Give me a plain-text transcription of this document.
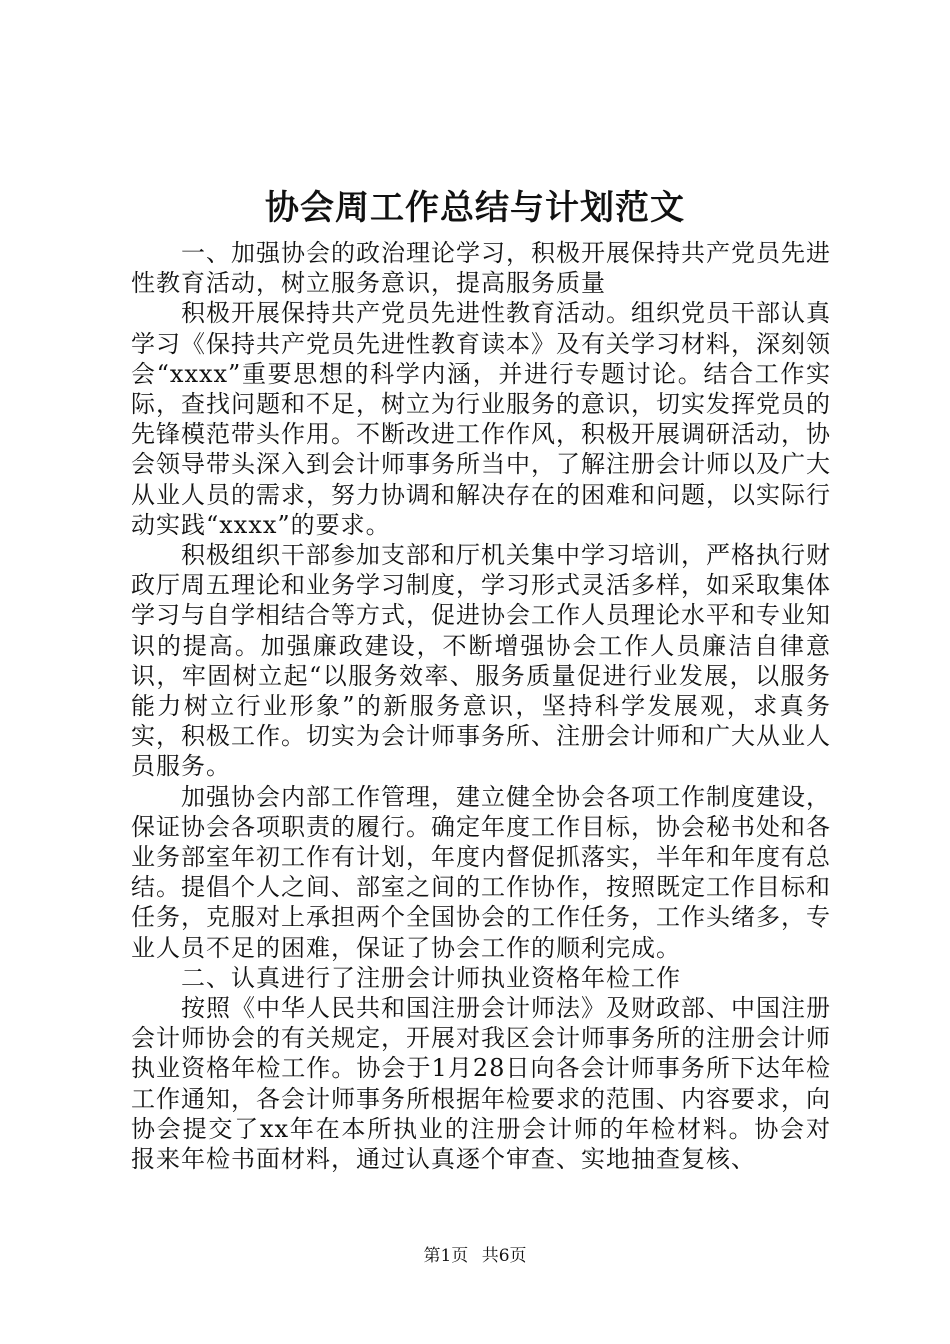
协会周工作总结与计划范文

一、加强协会的政治理论学习，积极开展保持共产党员先进性教育活动，树立服务意识，提高服务质量

积极开展保持共产党员先进性教育活动。组织党员干部认真学习《保持共产党员先进性教育读本》及有关学习材料，深刻领会“xxxx”重要思想的科学内涵，并进行专题讨论。结合工作实际，查找问题和不足，树立为行业服务的意识，切实发挥党员的先锋模范带头作用。不断改进工作作风，积极开展调研活动，协会领导带头深入到会计师事务所当中，了解注册会计师以及广大从业人员的需求，努力协调和解决存在的困难和问题，以实际行动实践“xxxx”的要求。

积极组织干部参加支部和厅机关集中学习培训，严格执行财政厅周五理论和业务学习制度，学习形式灵活多样，如采取集体学习与自学相结合等方式，促进协会工作人员理论水平和专业知识的提高。加强廉政建设，不断增强协会工作人员廉洁自律意识，牢固树立起“以服务效率、服务质量促进行业发展，以服务能力树立行业形象”的新服务意识，坚持科学发展观，求真务实，积极工作。切实为会计师事务所、注册会计师和广大从业人员服务。

加强协会内部工作管理，建立健全协会各项工作制度建设，保证协会各项职责的履行。确定年度工作目标，协会秘书处和各业务部室年初工作有计划，年度内督促抓落实，半年和年度有总结。提倡个人之间、部室之间的工作协作，按照既定工作目标和任务，克服对上承担两个全国协会的工作任务，工作头绪多，专业人员不足的困难，保证了协会工作的顺利完成。

二、认真进行了注册会计师执业资格年检工作

按照《中华人民共和国注册会计师法》及财政部、中国注册会计师协会的有关规定，开展对我区会计师事务所的注册会计师执业资格年检工作。协会于1月28日向各会计师事务所下达年检工作通知，各会计师事务所根据年检要求的范围、内容要求，向协会提交了xx年在本所执业的注册会计师的年检材料。协会对报来年检书面材料，通过认真逐个审查、实地抽查复核、

第1页 共6页
